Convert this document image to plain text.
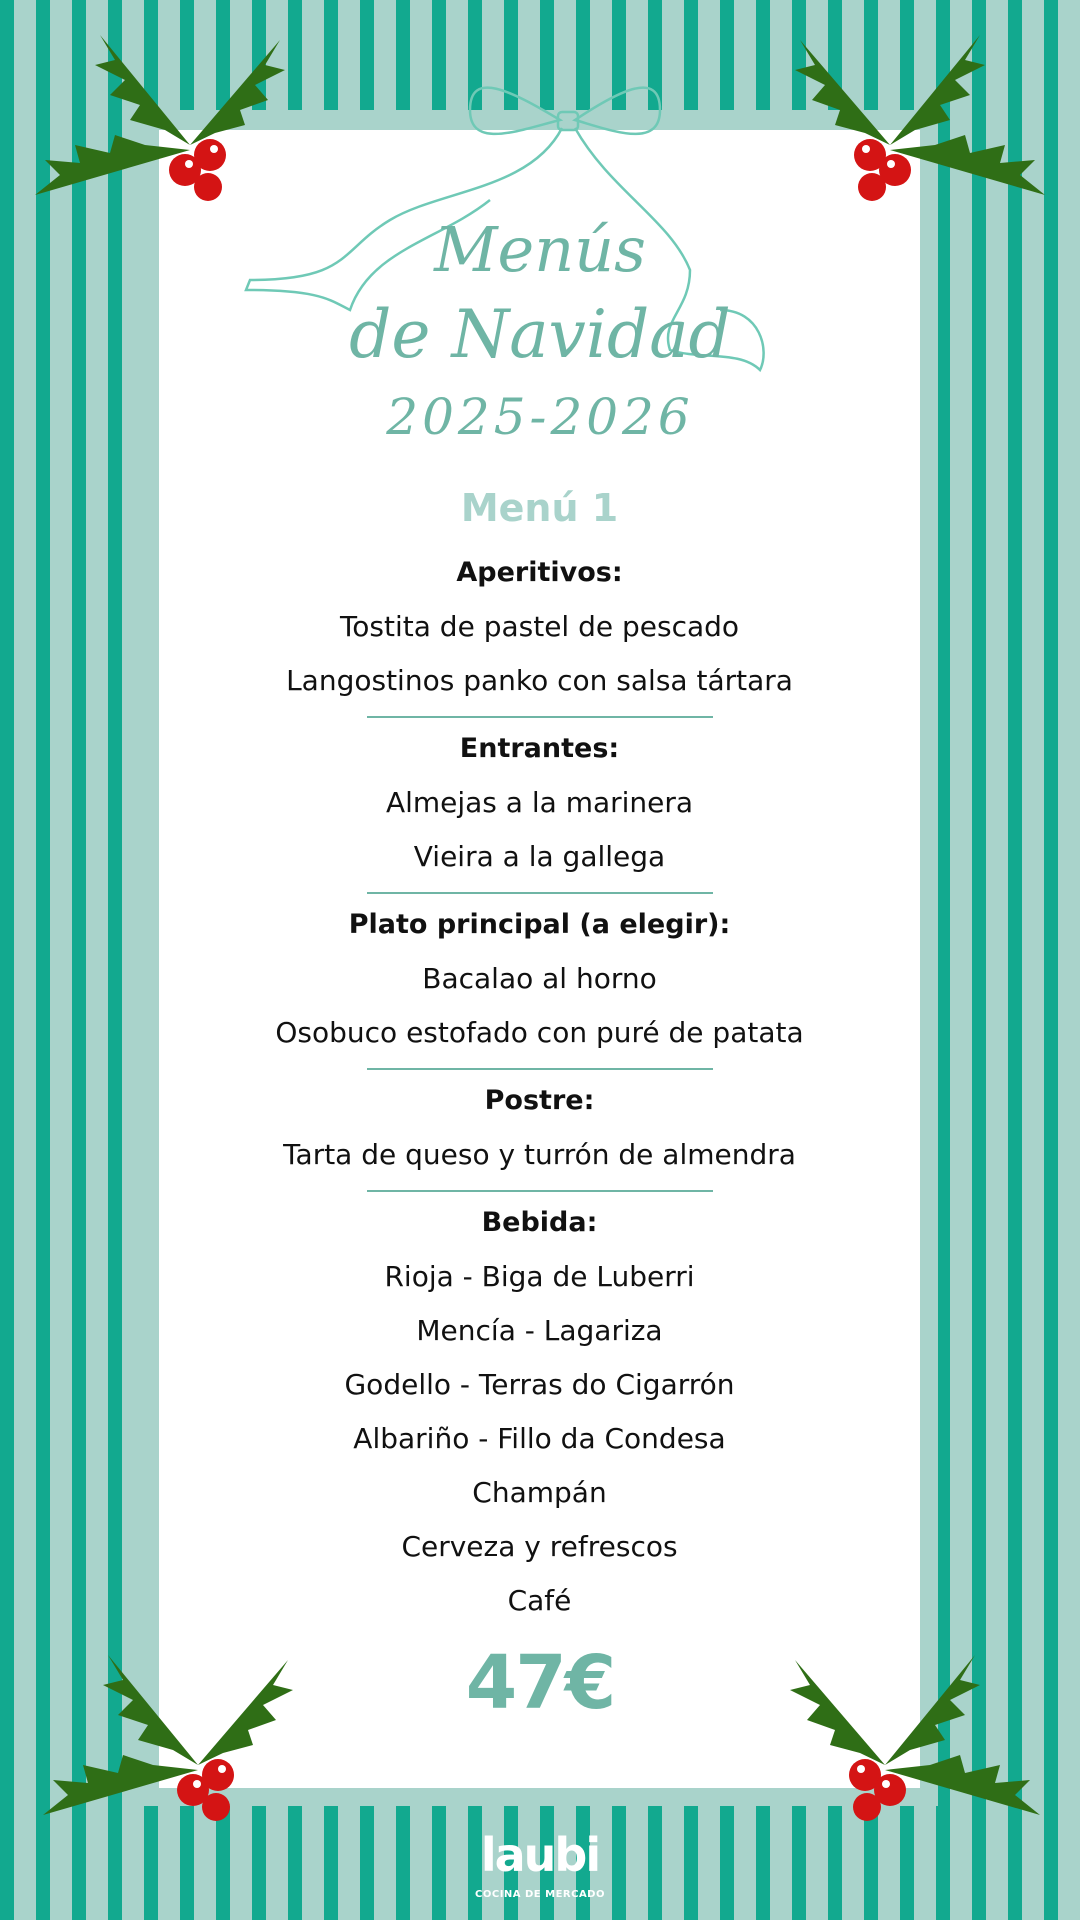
Menús
de Navidad
2025-2026
Menú 1
Aperitivos:
Tostita de pastel de pescado
Langostinos panko con salsa tártara
Entrantes:
Almejas a la marinera
Vieira a la gallega
Plato principal (a elegir):
Bacalao al horno
Osobuco estofado con puré de patata
Postre:
Tarta de queso y turrón de almendra
Bebida:
Rioja - Biga de Luberri
Mencía - Lagariza
Godello - Terras do Cigarrón
Albariño - Fillo da Condesa
Champán
Cerveza y refrescos
Café
47€
laubi
COCINA DE MERCADO
